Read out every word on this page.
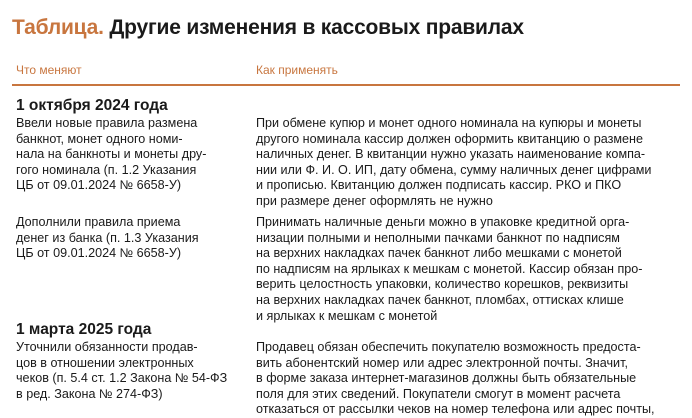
Таблица. Другие изменения в кассовых правилах
Что меняют	Как применять
1 октября 2024 года
Ввели новые правила размена
банкнот, монет одного номи-
нала на банкноты и монеты дру-
гого номинала (п. 1.2 Указания
ЦБ от 09.01.2024 № 6658-У)
При обмене купюр и монет одного номинала на купюры и монеты
другого номинала кассир должен оформить квитанцию о размене
наличных денег. В квитанции нужно указать наименование компа-
нии или Ф. И. О. ИП, дату обмена, сумму наличных денег цифрами
и прописью. Квитанцию должен подписать кассир. РКО и ПКО
при размере денег оформлять не нужно
Дополнили правила приема
денег из банка (п. 1.3 Указания
ЦБ от 09.01.2024 № 6658-У)
Принимать наличные деньги можно в упаковке кредитной орга-
низации полными и неполными пачками банкнот по надписям
на верхних накладках пачек банкнот либо мешками с монетой
по надписям на ярлыках к мешкам с монетой. Кассир обязан про-
верить целостность упаковки, количество корешков, реквизиты
на верхних накладках пачек банкнот, пломбах, оттисках клише
и ярлыках к мешкам с монетой
1 марта 2025 года
Уточнили обязанности продав-
цов в отношении электронных
чеков (п. 5.4 ст. 1.2 Закона № 54-ФЗ
в ред. Закона № 274-ФЗ)
Продавец обязан обеспечить покупателю возможность предоста-
вить абонентский номер или адрес электронной почты. Значит,
в форме заказа интернет-магазинов должны быть обязательные
поля для этих сведений. Покупатели смогут в момент расчета
отказаться от рассылки чеков на номер телефона или адрес почты,
